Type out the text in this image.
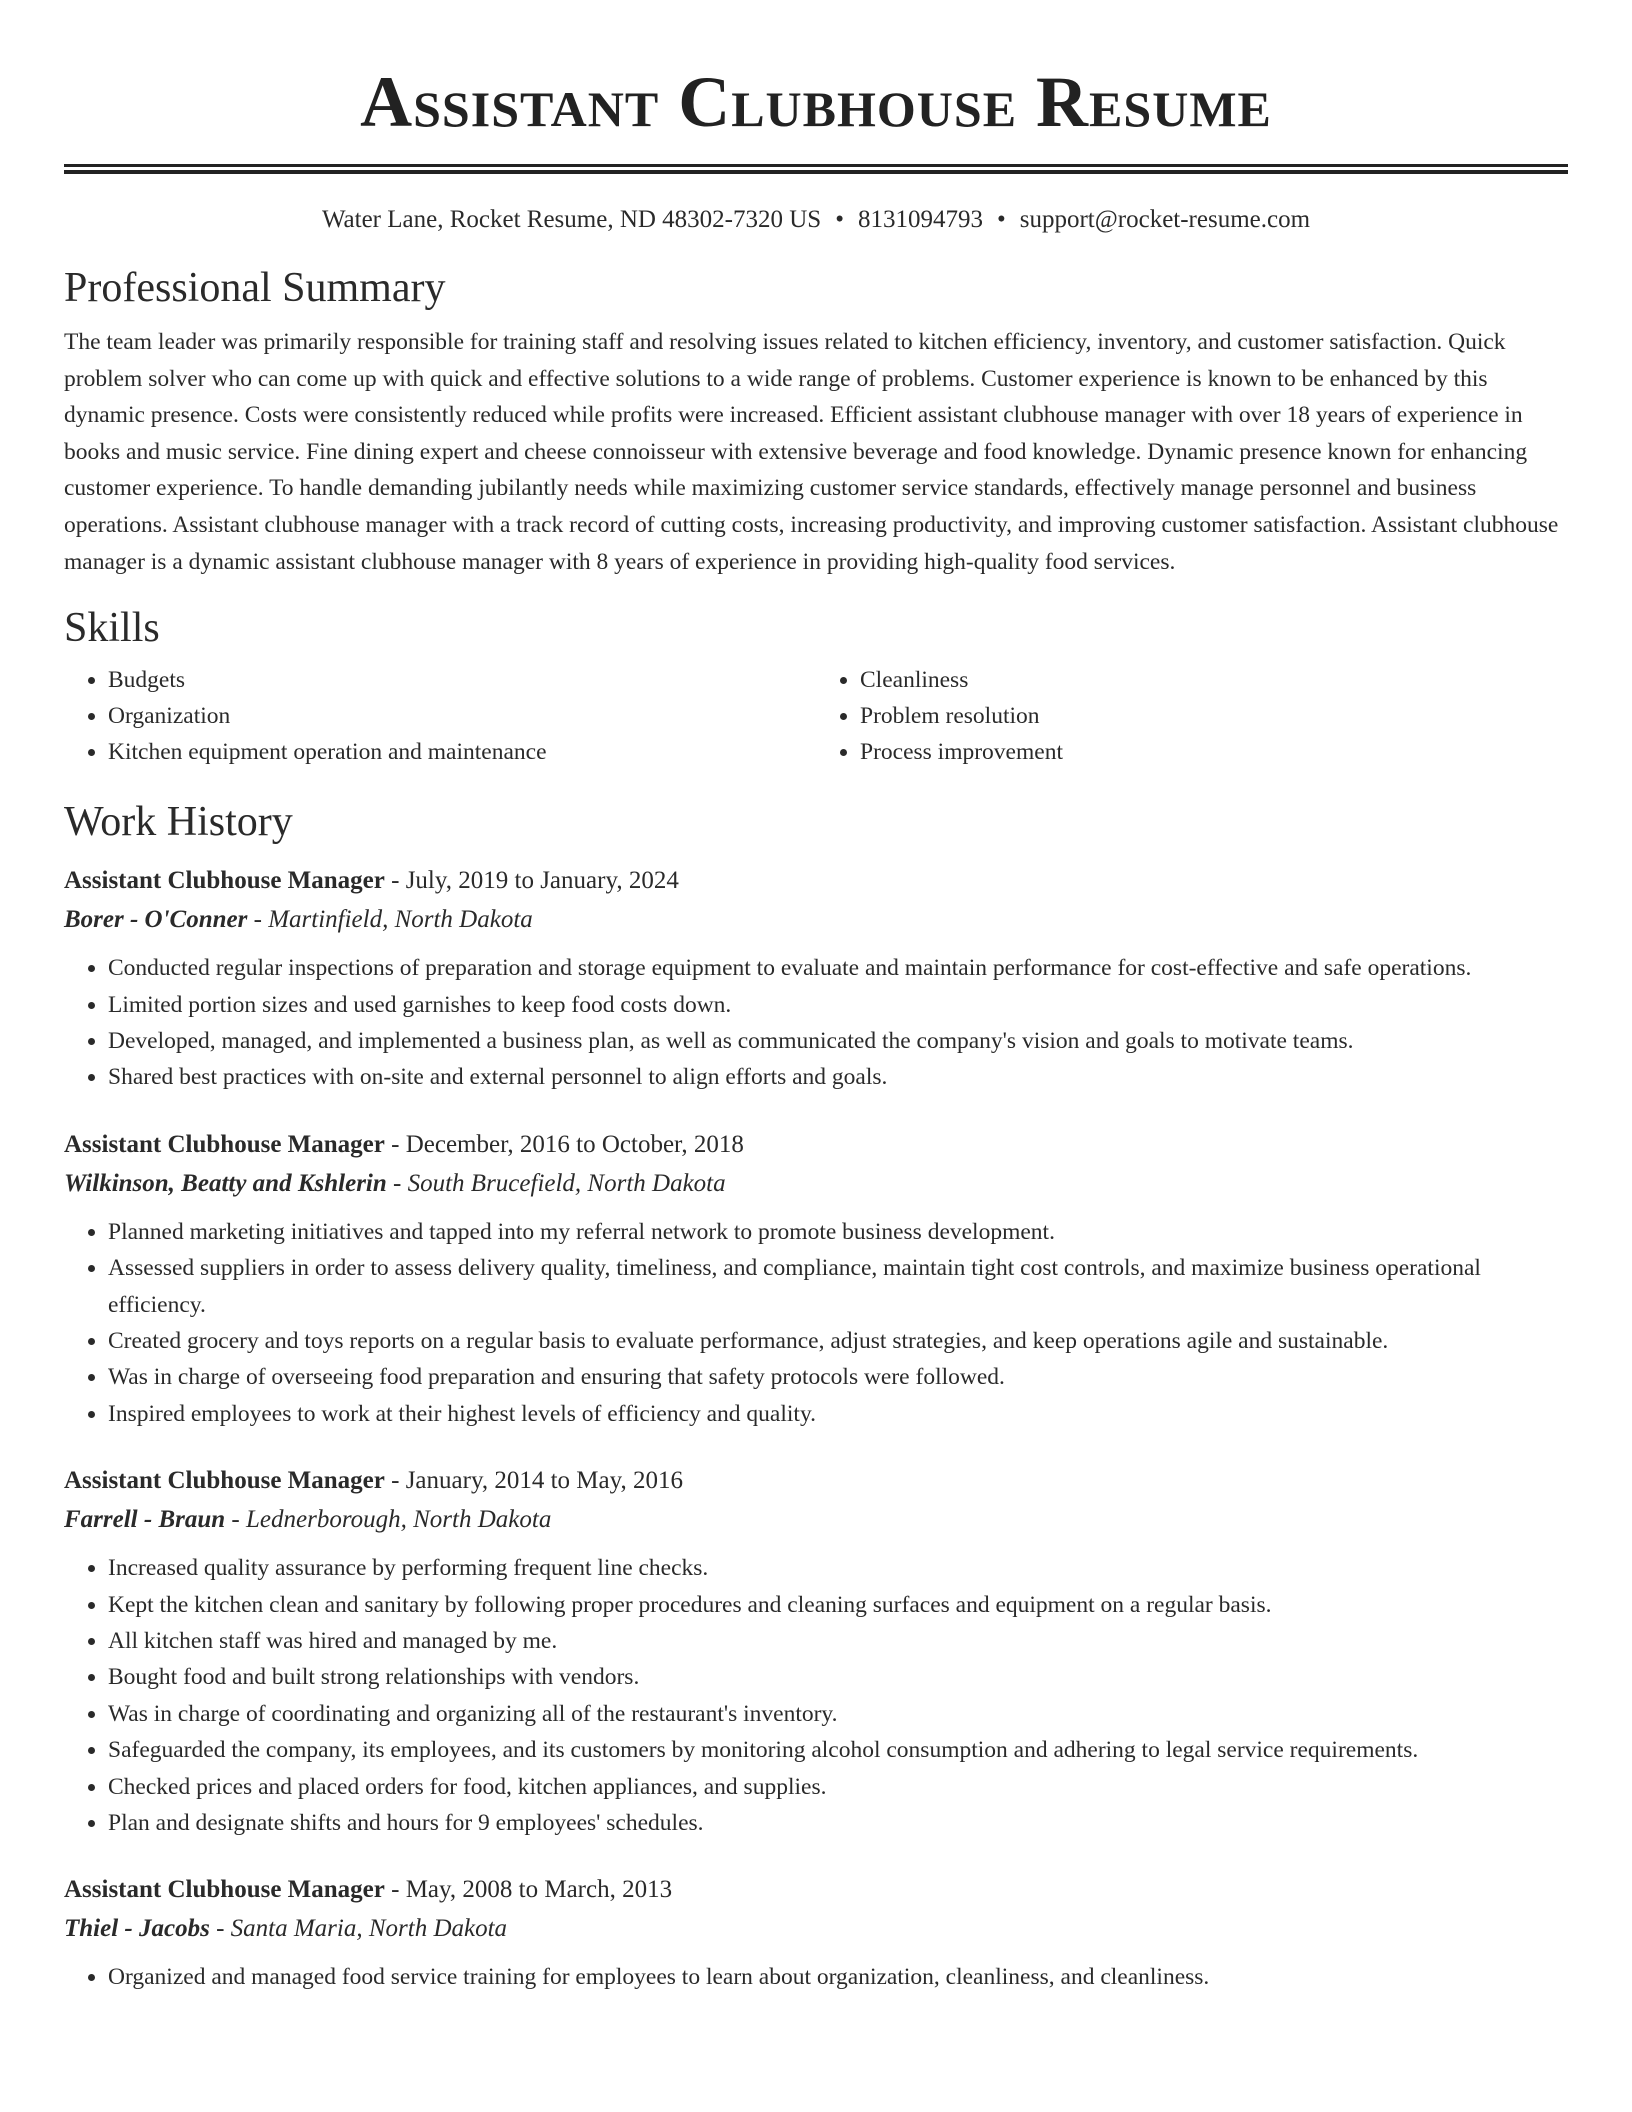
Assistant Clubhouse Resume
Water Lane, Rocket Resume, ND 48302-7320 US • 8131094793 • support@rocket-resume.com
Professional Summary

The team leader was primarily responsible for training staff and resolving issues related to kitchen efficiency, inventory, and customer satisfaction. Quick problem solver who can come up with quick and effective solutions to a wide range of problems. Customer experience is known to be enhanced by this dynamic presence. Costs were consistently reduced while profits were increased. Efficient assistant clubhouse manager with over 18 years of experience in books and music service. Fine dining expert and cheese connoisseur with extensive beverage and food knowledge. Dynamic presence known for enhancing customer experience. To handle demanding jubilantly needs while maximizing customer service standards, effectively manage personnel and business operations. Assistant clubhouse manager with a track record of cutting costs, increasing productivity, and improving customer satisfaction. Assistant clubhouse manager is a dynamic assistant clubhouse manager with 8 years of experience in providing high-quality food services.

Skills
• Budgets
• Organization
• Kitchen equipment operation and maintenance
• Cleanliness
• Problem resolution
• Process improvement
Work History
Assistant Clubhouse Manager - July, 2019 to January, 2024
Borer - O'Conner - Martinfield, North Dakota
• Conducted regular inspections of preparation and storage equipment to evaluate and maintain performance for cost-effective and safe operations.
• Limited portion sizes and used garnishes to keep food costs down.
• Developed, managed, and implemented a business plan, as well as communicated the company's vision and goals to motivate teams.
• Shared best practices with on-site and external personnel to align efforts and goals.
Assistant Clubhouse Manager - December, 2016 to October, 2018
Wilkinson, Beatty and Kshlerin - South Brucefield, North Dakota
• Planned marketing initiatives and tapped into my referral network to promote business development.
• Assessed suppliers in order to assess delivery quality, timeliness, and compliance, maintain tight cost controls, and maximize business operational efficiency.
• Created grocery and toys reports on a regular basis to evaluate performance, adjust strategies, and keep operations agile and sustainable.
• Was in charge of overseeing food preparation and ensuring that safety protocols were followed.
• Inspired employees to work at their highest levels of efficiency and quality.
Assistant Clubhouse Manager - January, 2014 to May, 2016
Farrell - Braun - Lednerborough, North Dakota
• Increased quality assurance by performing frequent line checks.
• Kept the kitchen clean and sanitary by following proper procedures and cleaning surfaces and equipment on a regular basis.
• All kitchen staff was hired and managed by me.
• Bought food and built strong relationships with vendors.
• Was in charge of coordinating and organizing all of the restaurant's inventory.
• Safeguarded the company, its employees, and its customers by monitoring alcohol consumption and adhering to legal service requirements.
• Checked prices and placed orders for food, kitchen appliances, and supplies.
• Plan and designate shifts and hours for 9 employees' schedules.
Assistant Clubhouse Manager - May, 2008 to March, 2013
Thiel - Jacobs - Santa Maria, North Dakota
• Organized and managed food service training for employees to learn about organization, cleanliness, and cleanliness.
